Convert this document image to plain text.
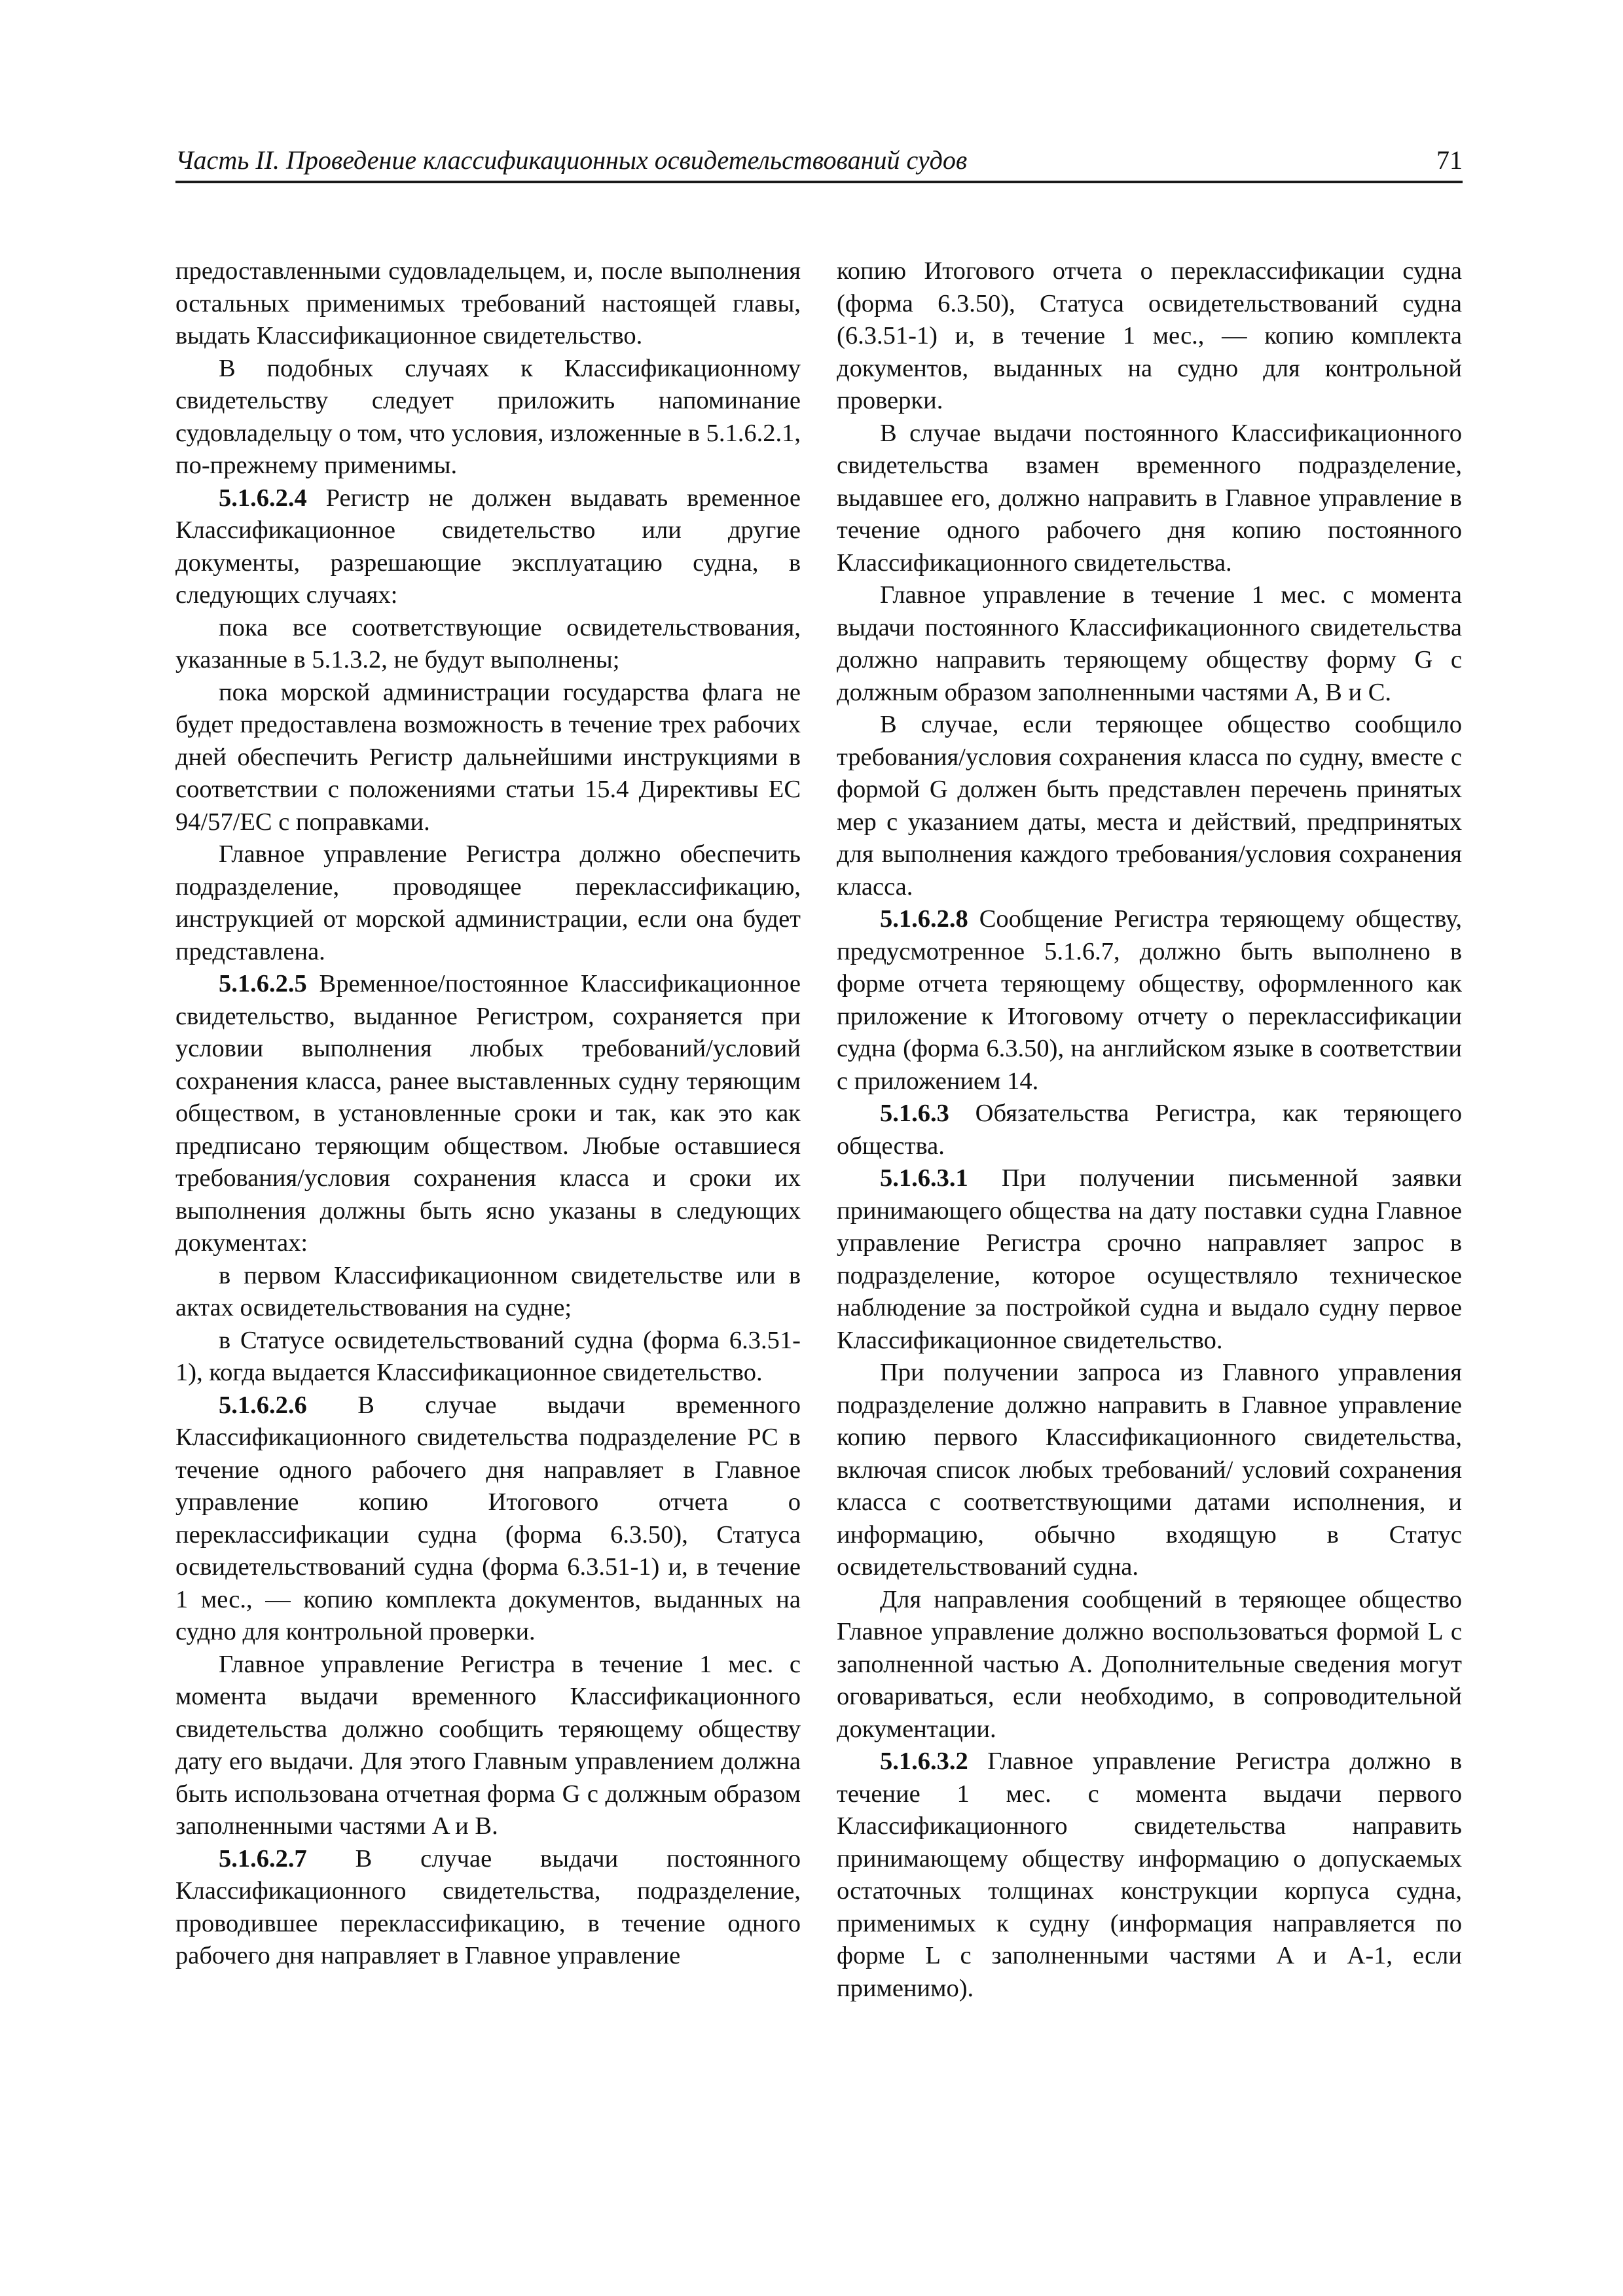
Часть II. Проведение классификационных освидетельствований судов	71

предоставленными судовладельцем, и, после выполнения остальных применимых требований настоящей главы, выдать Классификационное свидетельство.

В подобных случаях к Классификационному свидетельству следует приложить напоминание судовладельцу о том, что условия, изложенные в 5.1.6.2.1, по-прежнему применимы.

5.1.6.2.4 Регистр не должен выдавать временное Классификационное свидетельство или другие документы, разрешающие эксплуатацию судна, в следующих случаях:

пока все соответствующие освидетельствования, указанные в 5.1.3.2, не будут выполнены;

пока морской администрации государства флага не будет предоставлена возможность в течение трех рабочих дней обеспечить Регистр дальнейшими инструкциями в соответствии с положениями статьи 15.4 Директивы ЕС 94/57/ЕС с поправками.

Главное управление Регистра должно обеспечить подразделение, проводящее переклассификацию, инструкцией от морской администрации, если она будет представлена.

5.1.6.2.5 Временное/постоянное Классификационное свидетельство, выданное Регистром, сохраняется при условии выполнения любых требований/условий сохранения класса, ранее выставленных судну теряющим обществом, в установленные сроки и так, как это как предписано теряющим обществом. Любые оставшиеся требования/условия сохранения класса и сроки их выполнения должны быть ясно указаны в следующих документах:

в первом Классификационном свидетельстве или в актах освидетельствования на судне;

в Статусе освидетельствований судна (форма 6.3.51-1), когда выдается Классификационное свидетельство.

5.1.6.2.6 В случае выдачи временного Классификационного свидетельства подразделение РС в течение одного рабочего дня направляет в Главное управление копию Итогового отчета о переклассификации судна (форма 6.3.50), Статуса освидетельствований судна (форма 6.3.51-1) и, в течение 1 мес., — копию комплекта документов, выданных на судно для контрольной проверки.

Главное управление Регистра в течение 1 мес. с момента выдачи временного Классификационного свидетельства должно сообщить теряющему обществу дату его выдачи. Для этого Главным управлением должна быть использована отчетная форма G с должным образом заполненными частями A и B.

5.1.6.2.7 В случае выдачи постоянного Классификационного свидетельства, подразделение, проводившее переклассификацию, в течение одного рабочего дня направляет в Главное управление

копию Итогового отчета о переклассификации судна (форма 6.3.50), Статуса освидетельствований судна (6.3.51-1) и, в течение 1 мес., — копию комплекта документов, выданных на судно для контрольной проверки.

В случае выдачи постоянного Классификационного свидетельства взамен временного подразделение, выдавшее его, должно направить в Главное управление в течение одного рабочего дня копию постоянного Классификационного свидетельства.

Главное управление в течение 1 мес. с момента выдачи постоянного Классификационного свидетельства должно направить теряющему обществу форму G с должным образом заполненными частями A, B и C.

В случае, если теряющее общество сообщило требования/условия сохранения класса по судну, вместе с формой G должен быть представлен перечень принятых мер с указанием даты, места и действий, предпринятых для выполнения каждого требования/условия сохранения класса.

5.1.6.2.8 Сообщение Регистра теряющему обществу, предусмотренное 5.1.6.7, должно быть выполнено в форме отчета теряющему обществу, оформленного как приложение к Итоговому отчету о переклассификации судна (форма 6.3.50), на английском языке в соответствии с приложением 14.

5.1.6.3 Обязательства Регистра, как теряющего общества.

5.1.6.3.1 При получении письменной заявки принимающего общества на дату поставки судна Главное управление Регистра срочно направляет запрос в подразделение, которое осуществляло техническое наблюдение за постройкой судна и выдало судну первое Классификационное свидетельство.

При получении запроса из Главного управления подразделение должно направить в Главное управление копию первого Классификационного свидетельства, включая список любых требований/ условий сохранения класса с соответствующими датами исполнения, и информацию, обычно входящую в Статус освидетельствований судна.

Для направления сообщений в теряющее общество Главное управление должно воспользоваться формой L с заполненной частью A. Дополнительные сведения могут оговариваться, если необходимо, в сопроводительной документации.

5.1.6.3.2 Главное управление Регистра должно в течение 1 мес. с момента выдачи первого Классификационного свидетельства направить принимающему обществу информацию о допускаемых остаточных толщинах конструкции корпуса судна, применимых к судну (информация направляется по форме L с заполненными частями A и A-1, если применимо).
